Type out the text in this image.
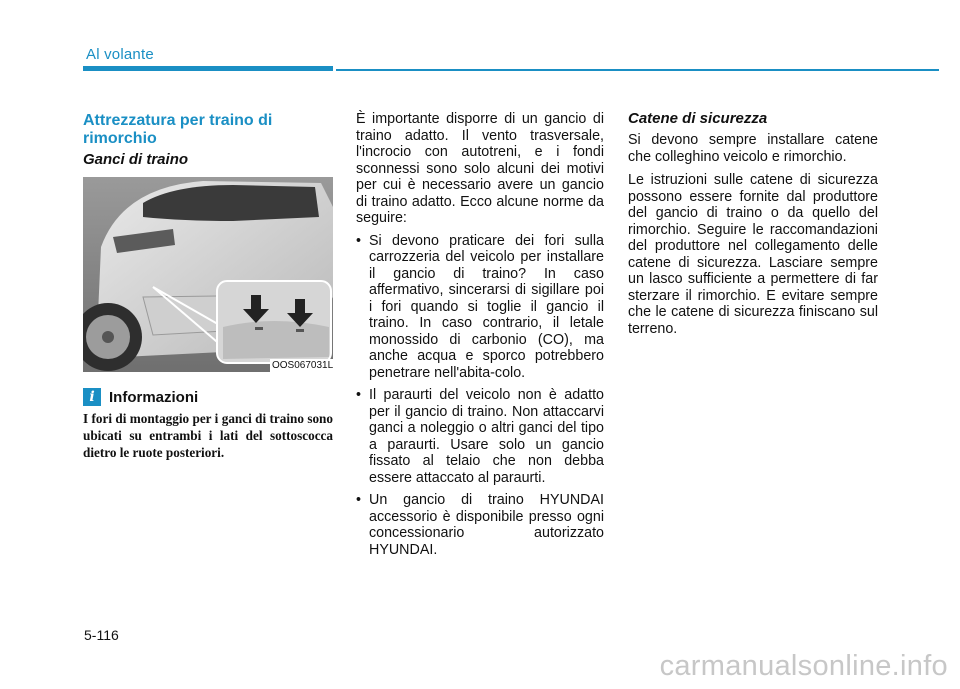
Al volante
Attrezzatura per traino di rimorchio
Ganci di traino
OOS067031L
i Informazioni

I fori di montaggio per i ganci di traino sono ubicati su entrambi i lati del sottoscocca dietro le ruote posteriori.

È importante disporre di un gancio di traino adatto. Il vento trasversale, l'incrocio con autotreni, e i fondi sconnessi sono solo alcuni dei motivi per cui è necessario avere un gancio di traino adatto. Ecco alcune norme da seguire:

• Si devono praticare dei fori sulla carrozzeria del veicolo per installare il gancio di traino? In caso affermativo, sincerarsi di sigillare poi i fori quando si toglie il gancio il traino. In caso contrario, il letale monossido di carbonio (CO), ma anche acqua e sporco potrebbero penetrare nell'abita-colo.
• Il paraurti del veicolo non è adatto per il gancio di traino. Non attaccarvi ganci a noleggio o altri ganci del tipo a paraurti. Usare solo un gancio fissato al telaio che non debba essere attaccato al paraurti.
• Un gancio di traino HYUNDAI accessorio è disponibile presso ogni concessionario autorizzato HYUNDAI.
Catene di sicurezza

Si devono sempre installare catene che colleghino veicolo e rimorchio.

Le istruzioni sulle catene di sicurezza possono essere fornite dal produttore del gancio di traino o da quello del rimorchio. Seguire le raccomandazioni del produttore nel collegamento delle catene di sicurezza. Lasciare sempre un lasco sufficiente a permettere di far sterzare il rimorchio. E evitare sempre che le catene di sicurezza finiscano sul terreno.

5-116
carmanualsonline.info
